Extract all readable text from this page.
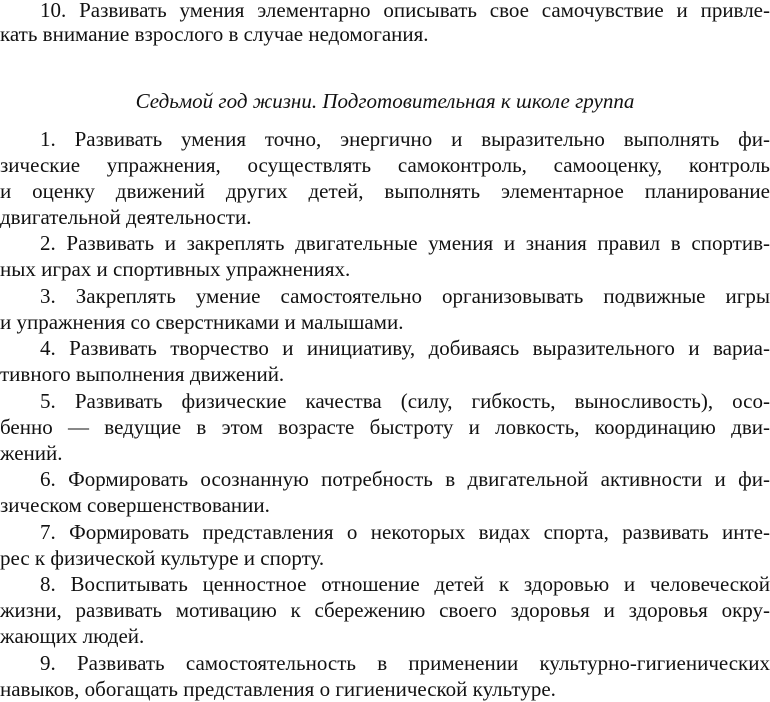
10. Развивать умения элементарно описывать свое самочувствие и привле-
кать внимание взрослого в случае недомогания.
Седьмой год жизни. Подготовительная к школе группа
1. Развивать умения точно, энергично и выразительно выполнять фи-
зические упражнения, осуществлять самоконтроль, самооценку, контроль
и оценку движений других детей, выполнять элементарное планирование
двигательной деятельности.
2. Развивать и закреплять двигательные умения и знания правил в спортив-
ных играх и спортивных упражнениях.
3. Закреплять умение самостоятельно организовывать подвижные игры
и упражнения со сверстниками и малышами.
4. Развивать творчество и инициативу, добиваясь выразительного и вариа-
тивного выполнения движений.
5. Развивать физические качества (силу, гибкость, выносливость), осо-
бенно — ведущие в этом возрасте быстроту и ловкость, координацию дви-
жений.
6. Формировать осознанную потребность в двигательной активности и фи-
зическом совершенствовании.
7. Формировать представления о некоторых видах спорта, развивать инте-
рес к физической культуре и спорту.
8. Воспитывать ценностное отношение детей к здоровью и человеческой
жизни, развивать мотивацию к сбережению своего здоровья и здоровья окру-
жающих людей.
9. Развивать самостоятельность в применении культурно-гигиенических
навыков, обогащать представления о гигиенической культуре.
